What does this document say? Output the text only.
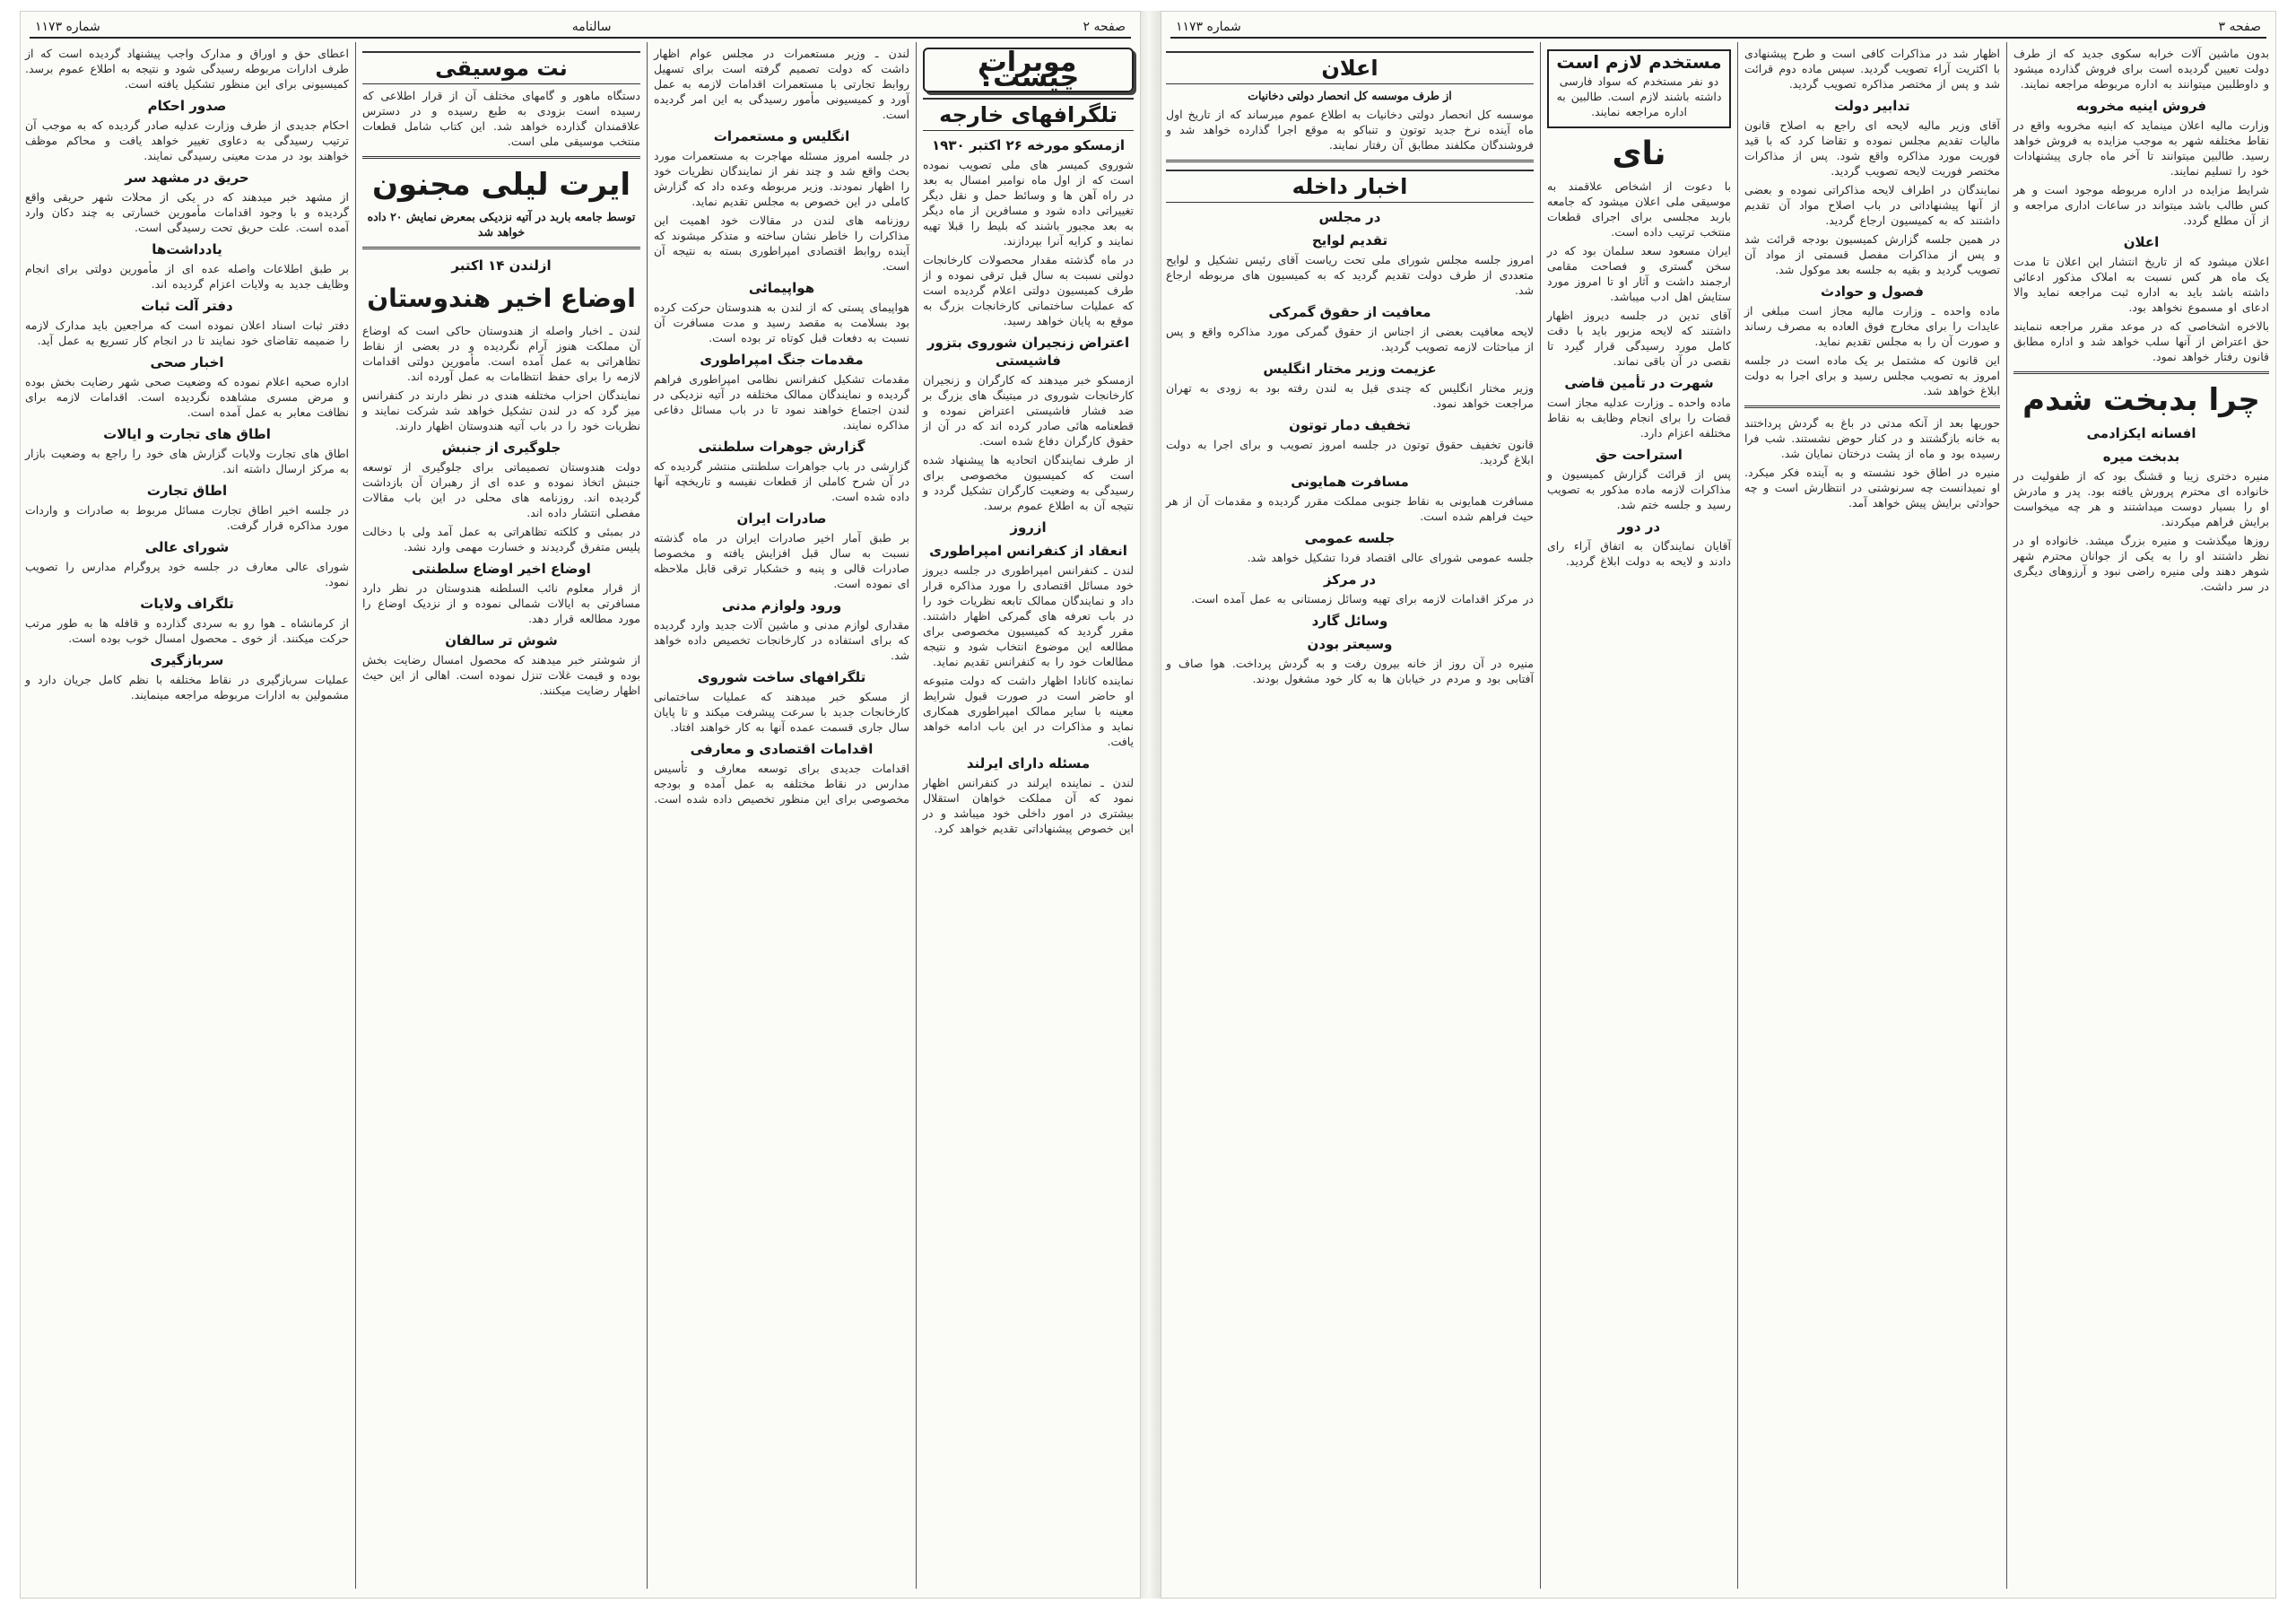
صفحه ۲
سالنامه
شماره ۱۱۷۳
موبرات چیست؟
تلگرافهای خارجه
ازمسکو مورخه ۲۶ اکتبر ۱۹۳۰

شوروی کمیسر های ملی تصویب نموده است که از اول ماه نوامبر امسال به بعد در راه آهن ها و وسائط حمل و نقل دیگر تغییراتی داده شود و مسافرین از ماه دیگر به بعد مجبور باشند که بلیط را قبلا تهیه نمایند و کرایه آنرا بپردازند.

در ماه گذشته مقدار محصولات کارخانجات دولتی نسبت به سال قبل ترقی نموده و از طرف کمیسیون دولتی اعلام گردیده است که عملیات ساختمانی کارخانجات بزرگ به موقع به پایان خواهد رسید.

اعتراض زنجیران شوروی بتزور فاشیستی

ازمسکو خبر میدهند که کارگران و زنجیران کارخانجات شوروی در میتینگ های بزرگ بر ضد فشار فاشیستی اعتراض نموده و قطعنامه هائی صادر کرده اند که در آن از حقوق کارگران دفاع شده است.

از طرف نمایندگان اتحادیه ها پیشنهاد شده است که کمیسیون مخصوصی برای رسیدگی به وضعیت کارگران تشکیل گردد و نتیجه آن به اطلاع عموم برسد.

ازروز
انعقاد از کنفرانس امپراطوری

لندن ـ کنفرانس امپراطوری در جلسه دیروز خود مسائل اقتصادی را مورد مذاکره قرار داد و نمایندگان ممالک تابعه نظریات خود را در باب تعرفه های گمرکی اظهار داشتند. مقرر گردید که کمیسیون مخصوصی برای مطالعه این موضوع انتخاب شود و نتیجه مطالعات خود را به کنفرانس تقدیم نماید.

نماینده کانادا اظهار داشت که دولت متبوعه او حاضر است در صورت قبول شرایط معینه با سایر ممالک امپراطوری همکاری نماید و مذاکرات در این باب ادامه خواهد یافت.

مسئله دارای ایرلند

لندن ـ نماینده ایرلند در کنفرانس اظهار نمود که آن مملکت خواهان استقلال بیشتری در امور داخلی خود میباشد و در این خصوص پیشنهاداتی تقدیم خواهد کرد.

لندن ـ وزیر مستعمرات در مجلس عوام اظهار داشت که دولت تصمیم گرفته است برای تسهیل روابط تجارتی با مستعمرات اقدامات لازمه به عمل آورد و کمیسیونی مأمور رسیدگی به این امر گردیده است.

انگلیس و مستعمرات

در جلسه امروز مسئله مهاجرت به مستعمرات مورد بحث واقع شد و چند نفر از نمایندگان نظریات خود را اظهار نمودند. وزیر مربوطه وعده داد که گزارش کاملی در این خصوص به مجلس تقدیم نماید.

روزنامه های لندن در مقالات خود اهمیت این مذاکرات را خاطر نشان ساخته و متذکر میشوند که آینده روابط اقتصادی امپراطوری بسته به نتیجه آن است.

هواپیمائی

هواپیمای پستی که از لندن به هندوستان حرکت کرده بود بسلامت به مقصد رسید و مدت مسافرت آن نسبت به دفعات قبل کوتاه تر بوده است.

مقدمات جنگ امپراطوری

مقدمات تشکیل کنفرانس نظامی امپراطوری فراهم گردیده و نمایندگان ممالک مختلفه در آتیه نزدیکی در لندن اجتماع خواهند نمود تا در باب مسائل دفاعی مذاکره نمایند.

گزارش جوهرات سلطنتی

گزارشی در باب جواهرات سلطنتی منتشر گردیده که در آن شرح کاملی از قطعات نفیسه و تاریخچه آنها داده شده است.

صادرات ایران

بر طبق آمار اخیر صادرات ایران در ماه گذشته نسبت به سال قبل افزایش یافته و مخصوصا صادرات قالی و پنبه و خشکبار ترقی قابل ملاحظه ای نموده است.

ورود ولوازم مدنی

مقداری لوازم مدنی و ماشین آلات جدید وارد گردیده که برای استفاده در کارخانجات تخصیص داده خواهد شد.

تلگرافهای ساخت شوروی

از مسکو خبر میدهند که عملیات ساختمانی کارخانجات جدید با سرعت پیشرفت میکند و تا پایان سال جاری قسمت عمده آنها به کار خواهند افتاد.

اقدامات اقتصادی و معارفی

اقدامات جدیدی برای توسعه معارف و تأسیس مدارس در نقاط مختلفه به عمل آمده و بودجه مخصوصی برای این منظور تخصیص داده شده است.

نت موسیقی

دستگاه ماهور و گامهای مختلف آن از قرار اطلاعی که رسیده است بزودی به طبع رسیده و در دسترس علاقمندان گذارده خواهد شد. این کتاب شامل قطعات منتخب موسیقی ملی است.

ایرت لیلی مجنون

توسط جامعه باربد در آتیه نزدیکی بمعرض نمایش ۲۰ داده خواهد شد

ازلندن ۱۴ اکتبر
اوضاع اخیر هندوستان

لندن ـ اخبار واصله از هندوستان حاکی است که اوضاع آن مملکت هنوز آرام نگردیده و در بعضی از نقاط تظاهراتی به عمل آمده است. مأمورین دولتی اقدامات لازمه را برای حفظ انتظامات به عمل آورده اند.

نمایندگان احزاب مختلفه هندی در نظر دارند در کنفرانس میز گرد که در لندن تشکیل خواهد شد شرکت نمایند و نظریات خود را در باب آتیه هندوستان اظهار دارند.

جلوگیری از جنبش

دولت هندوستان تصمیماتی برای جلوگیری از توسعه جنبش اتخاذ نموده و عده ای از رهبران آن بازداشت گردیده اند. روزنامه های محلی در این باب مقالات مفصلی انتشار داده اند.

در بمبئی و کلکته تظاهراتی به عمل آمد ولی با دخالت پلیس متفرق گردیدند و خسارت مهمی وارد نشد.

اوضاع اخیر اوضاع سلطنتی

از قرار معلوم نائب السلطنه هندوستان در نظر دارد مسافرتی به ایالات شمالی نموده و از نزدیک اوضاع را مورد مطالعه قرار دهد.

شوش تر سالفان

از شوشتر خبر میدهند که محصول امسال رضایت بخش بوده و قیمت غلات تنزل نموده است. اهالی از این حیث اظهار رضایت میکنند.

اعطای حق و اوراق و مدارک واجب پیشنهاد گردیده است که از طرف ادارات مربوطه رسیدگی شود و نتیجه به اطلاع عموم برسد. کمیسیونی برای این منظور تشکیل یافته است.

صدور احکام

احکام جدیدی از طرف وزارت عدلیه صادر گردیده که به موجب آن ترتیب رسیدگی به دعاوی تغییر خواهد یافت و محاکم موظف خواهند بود در مدت معینی رسیدگی نمایند.

حریق در مشهد سر

از مشهد خبر میدهند که در یکی از محلات شهر حریقی واقع گردیده و با وجود اقدامات مأمورین خسارتی به چند دکان وارد آمده است. علت حریق تحت رسیدگی است.

یادداشت‌ها

بر طبق اطلاعات واصله عده ای از مأمورین دولتی برای انجام وظایف جدید به ولایات اعزام گردیده اند.

دفتر آلت ثبات

دفتر ثبات اسناد اعلان نموده است که مراجعین باید مدارک لازمه را ضمیمه تقاضای خود نمایند تا در انجام کار تسریع به عمل آید.

اخبار صحی

اداره صحیه اعلام نموده که وضعیت صحی شهر رضایت بخش بوده و مرض مسری مشاهده نگردیده است. اقدامات لازمه برای نظافت معابر به عمل آمده است.

اطاق های تجارت و ایالات

اطاق های تجارت ولایات گزارش های خود را راجع به وضعیت بازار به مرکز ارسال داشته اند.

اطاق تجارت

در جلسه اخیر اطاق تجارت مسائل مربوط به صادرات و واردات مورد مذاکره قرار گرفت.

شورای عالی

شورای عالی معارف در جلسه خود پروگرام مدارس را تصویب نمود.

تلگراف ولایات

از کرمانشاه ـ هوا رو به سردی گذارده و قافله ها به طور مرتب حرکت میکنند. از خوی ـ محصول امسال خوب بوده است.

سربازگیری

عملیات سربازگیری در نقاط مختلفه با نظم کامل جریان دارد و مشمولین به ادارات مربوطه مراجعه مینمایند.

صفحه ۳
شماره ۱۱۷۳

بدون ماشین آلات خرابه سکوی جدید که از طرف دولت تعیین گردیده است برای فروش گذارده میشود و داوطلبین میتوانند به اداره مربوطه مراجعه نمایند.

فروش اینیه مخروبه

وزارت مالیه اعلان مینماید که ابنیه مخروبه واقع در نقاط مختلفه شهر به موجب مزایده به فروش خواهد رسید. طالبین میتوانند تا آخر ماه جاری پیشنهادات خود را تسلیم نمایند.

شرایط مزایده در اداره مربوطه موجود است و هر کس طالب باشد میتواند در ساعات اداری مراجعه و از آن مطلع گردد.

اعلان

اعلان میشود که از تاریخ انتشار این اعلان تا مدت یک ماه هر کس نسبت به املاک مذکور ادعائی داشته باشد باید به اداره ثبت مراجعه نماید والا ادعای او مسموع نخواهد بود.

بالاخره اشخاصی که در موعد مقرر مراجعه ننمایند حق اعتراض از آنها سلب خواهد شد و اداره مطابق قانون رفتار خواهد نمود.

چرا بدبخت شدم
افسانه ایکزادمی
بدبخت میره

منیره دختری زیبا و قشنگ بود که از طفولیت در خانواده ای محترم پرورش یافته بود. پدر و مادرش او را بسیار دوست میداشتند و هر چه میخواست برایش فراهم میکردند.

روزها میگذشت و منیره بزرگ میشد. خانواده او در نظر داشتند او را به یکی از جوانان محترم شهر شوهر دهند ولی منیره راضی نبود و آرزوهای دیگری در سر داشت.

اظهار شد در مذاکرات کافی است و طرح پیشنهادی با اکثریت آراء تصویب گردید. سپس ماده دوم قرائت شد و پس از مختصر مذاکره تصویب گردید.

تدابیر دولت

آقای وزیر مالیه لایحه ای راجع به اصلاح قانون مالیات تقدیم مجلس نموده و تقاضا کرد که با قید فوریت مورد مذاکره واقع شود. پس از مذاکرات مختصر فوریت لایحه تصویب گردید.

نمایندگان در اطراف لایحه مذاکراتی نموده و بعضی از آنها پیشنهاداتی در باب اصلاح مواد آن تقدیم داشتند که به کمیسیون ارجاع گردید.

در همین جلسه گزارش کمیسیون بودجه قرائت شد و پس از مذاکرات مفصل قسمتی از مواد آن تصویب گردید و بقیه به جلسه بعد موکول شد.

فصول و حوادث

ماده واحده ـ وزارت مالیه مجاز است مبلغی از عایدات را برای مخارج فوق العاده به مصرف رساند و صورت آن را به مجلس تقدیم نماید.

این قانون که مشتمل بر یک ماده است در جلسه امروز به تصویب مجلس رسید و برای اجرا به دولت ابلاغ خواهد شد.

حوریها بعد از آنکه مدتی در باغ به گردش پرداختند به خانه بازگشتند و در کنار حوض نشستند. شب فرا رسیده بود و ماه از پشت درختان نمایان شد.

منیره در اطاق خود نشسته و به آینده فکر میکرد. او نمیدانست چه سرنوشتی در انتظارش است و چه حوادثی برایش پیش خواهد آمد.

مستخدم لازم است

دو نفر مستخدم که سواد فارسی داشته باشند لازم است. طالبین به اداره مراجعه نمایند.

نای

با دعوت از اشخاص علاقمند به موسیقی ملی اعلان میشود که جامعه باربد مجلسی برای اجرای قطعات منتخب ترتیب داده است.

ایران مسعود سعد سلمان بود که در سخن گستری و فصاحت مقامی ارجمند داشت و آثار او تا امروز مورد ستایش اهل ادب میباشد.

آقای تدین در جلسه دیروز اظهار داشتند که لایحه مزبور باید با دقت کامل مورد رسیدگی قرار گیرد تا نقصی در آن باقی نماند.

شهرت در تأمین قاضی

ماده واحده ـ وزارت عدلیه مجاز است قضات را برای انجام وظایف به نقاط مختلفه اعزام دارد.

استراحت حق

پس از قرائت گزارش کمیسیون و مذاکرات لازمه ماده مذکور به تصویب رسید و جلسه ختم شد.

در دور

آقایان نمایندگان به اتفاق آراء رای دادند و لایحه به دولت ابلاغ گردید.

اعلان

از طرف موسسه کل انحصار دولتی دخانیات

موسسه کل انحصار دولتی دخانیات به اطلاع عموم میرساند که از تاریخ اول ماه آینده نرخ جدید توتون و تنباکو به موقع اجرا گذارده خواهد شد و فروشندگان مکلفند مطابق آن رفتار نمایند.

اخبار داخله
در مجلس
تقدیم لوایح

امروز جلسه مجلس شورای ملی تحت ریاست آقای رئیس تشکیل و لوایح متعددی از طرف دولت تقدیم گردید که به کمیسیون های مربوطه ارجاع شد.

معافیت از حقوق گمرکی

لایحه معافیت بعضی از اجناس از حقوق گمرکی مورد مذاکره واقع و پس از مباحثات لازمه تصویب گردید.

عزیمت وزیر مختار انگلیس

وزیر مختار انگلیس که چندی قبل به لندن رفته بود به زودی به تهران مراجعت خواهد نمود.

تخفیف دمار توتون

قانون تخفیف حقوق توتون در جلسه امروز تصویب و برای اجرا به دولت ابلاغ گردید.

مسافرت همایونی

مسافرت همایونی به نقاط جنوبی مملکت مقرر گردیده و مقدمات آن از هر حیث فراهم شده است.

جلسه عمومی

جلسه عمومی شورای عالی اقتصاد فردا تشکیل خواهد شد.

در مرکز

در مرکز اقدامات لازمه برای تهیه وسائل زمستانی به عمل آمده است.

وسائل گارد
وسیعتر بودن

منیره در آن روز از خانه بیرون رفت و به گردش پرداخت. هوا صاف و آفتابی بود و مردم در خیابان ها به کار خود مشغول بودند.
